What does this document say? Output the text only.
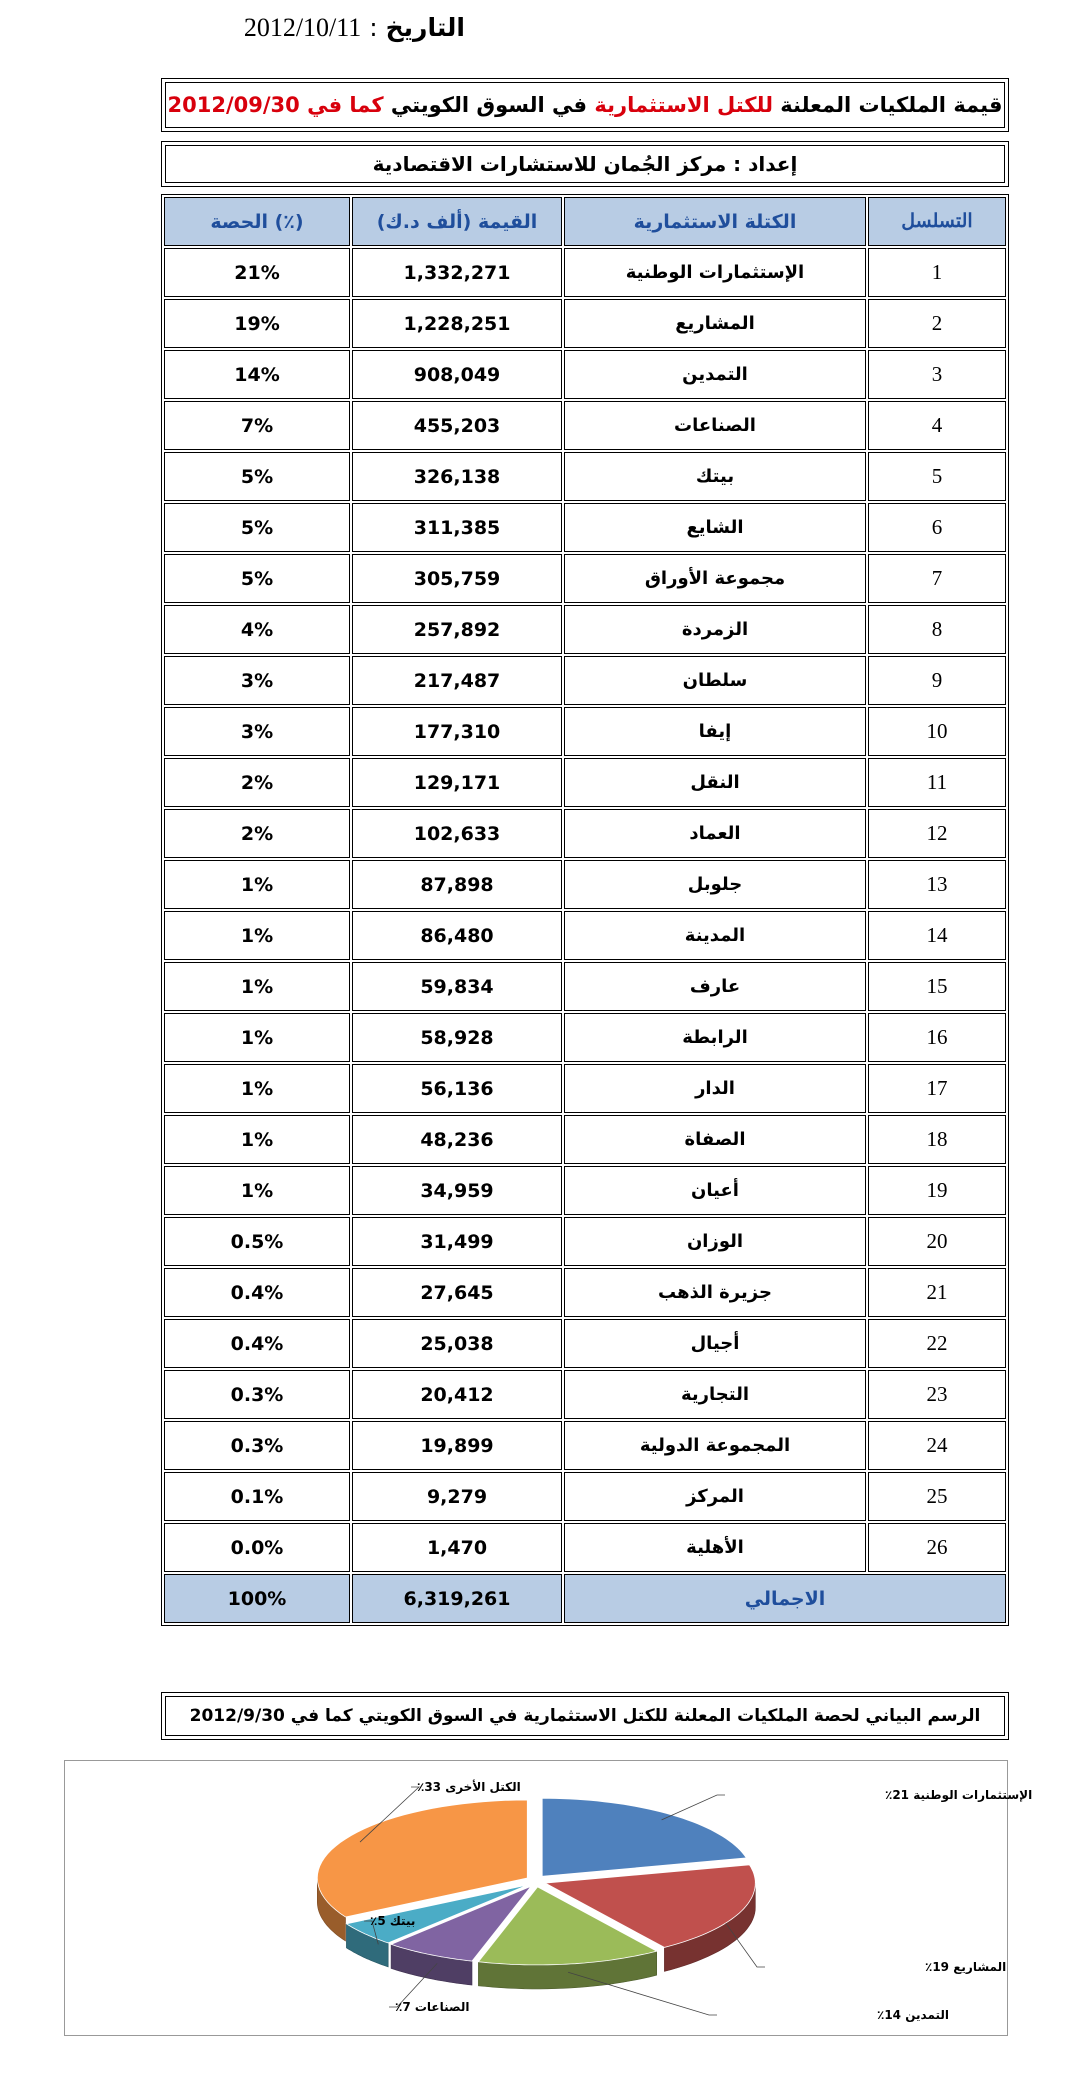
التاريخ : 2012/10/11
قيمة الملكيات المعلنة للكتل الاستثمارية في السوق الكويتي كما في 2012/09/30
إعداد : مركز الجُمان للاستشارات الاقتصادية
الحصة (٪)	القيمة (ألف د.ك)	الكتلة الاستثمارية	التسلسل
21%	1,332,271	الإستثمارات الوطنية	1
19%	1,228,251	المشاريع	2
14%	908,049	التمدين	3
7%	455,203	الصناعات	4
5%	326,138	بيتك	5
5%	311,385	الشايع	6
5%	305,759	مجموعة الأوراق	7
4%	257,892	الزمردة	8
3%	217,487	سلطان	9
3%	177,310	إيفا	10
2%	129,171	النقل	11
2%	102,633	العماد	12
1%	87,898	جلوبل	13
1%	86,480	المدينة	14
1%	59,834	عارف	15
1%	58,928	الرابطة	16
1%	56,136	الدار	17
1%	48,236	الصفاة	18
1%	34,959	أعيان	19
0.5%	31,499	الوزان	20
0.4%	27,645	جزيرة الذهب	21
0.4%	25,038	أجيال	22
0.3%	20,412	التجارية	23
0.3%	19,899	المجموعة الدولية	24
0.1%	9,279	المركز	25
0.0%	1,470	الأهلية	26
100%	6,319,261	الاجمالي	
الرسم البياني لحصة الملكيات المعلنة للكتل الاستثمارية في السوق الكويتي كما في 2012/9/30
الإستثمارات الوطنية 21٪
المشاريع 19٪
التمدين 14٪
الصناعات 7٪
بيتك 5٪
الكتل الأخرى 33٪
